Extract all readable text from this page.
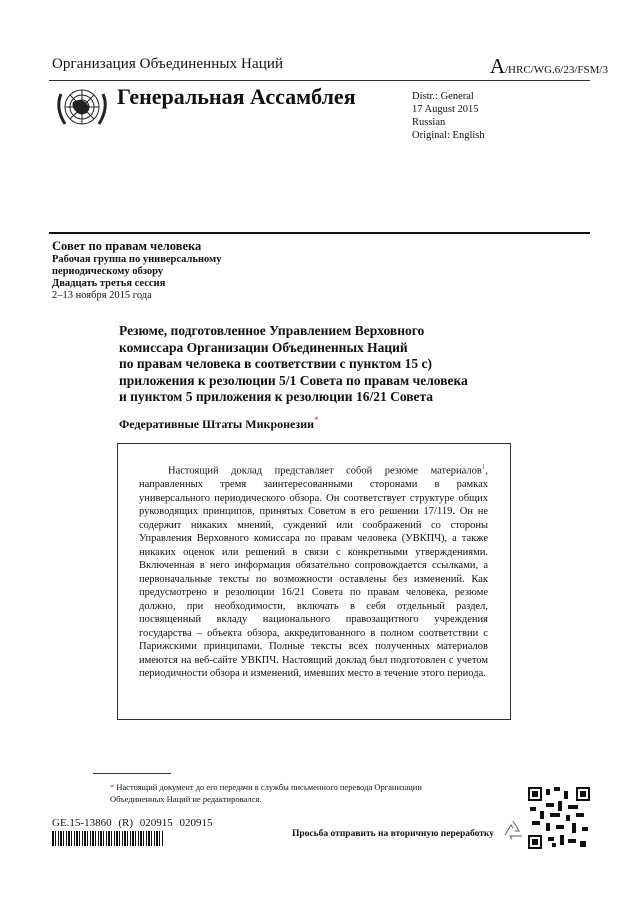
Организация Объединенных Наций	A/HRC/WG.6/23/FSM/3
Генеральная Ассамблея	Distr.: General
17 August 2015
Russian
Original: English
Совет по правам человека
Рабочая группа по универсальному
периодическому обзору
Двадцать третья сессия
2–13 ноября 2015 года
Резюме, подготовленное Управлением Верховного
комиссара Организации Объединенных Наций
по правам человека в соответствии с пунктом 15 с)
приложения к резолюции 5/1 Совета по правам человека
и пунктом 5 приложения к резолюции 16/21 Совета
Федеративные Штаты Микронезии*

Настоящий доклад представляет собой резюме материалов$^1$, направленных тремя заинтересованными сторонами в рамках универсального периодического обзора. Он соответствует структуре общих руководящих принципов, принятых Советом в его решении 17/119. Он не содержит никаких мнений, суждений или соображений со стороны Управления Верховного комиссара по правам человека (УВКПЧ), а также никаких оценок или решений в связи с конкретными утверждениями. Включенная в него информация обязательно сопровождается ссылками, а первоначальные тексты по возможности оставлены без изменений. Как предусмотрено в резолюции 16/21 Совета по правам человека, резюме должно, при необходимости, включать в себя отдельный раздел, посвященный вкладу национального правозащитного учреждения государства – объекта обзора, аккредитованного в полном соответствии с Парижскими принципами. Полные тексты всех полученных материалов имеются на веб-сайте УВКПЧ. Настоящий доклад был подготовлен с учетом периодичности обзора и изменений, имевших место в течение этого периода.

* Настоящий документ до его передачи в службы письменного перевода Организации Объединенных Наций не редактировался.
GE.15-13860 (R) 020915 020915
Просьба отправить на вторичную переработку
